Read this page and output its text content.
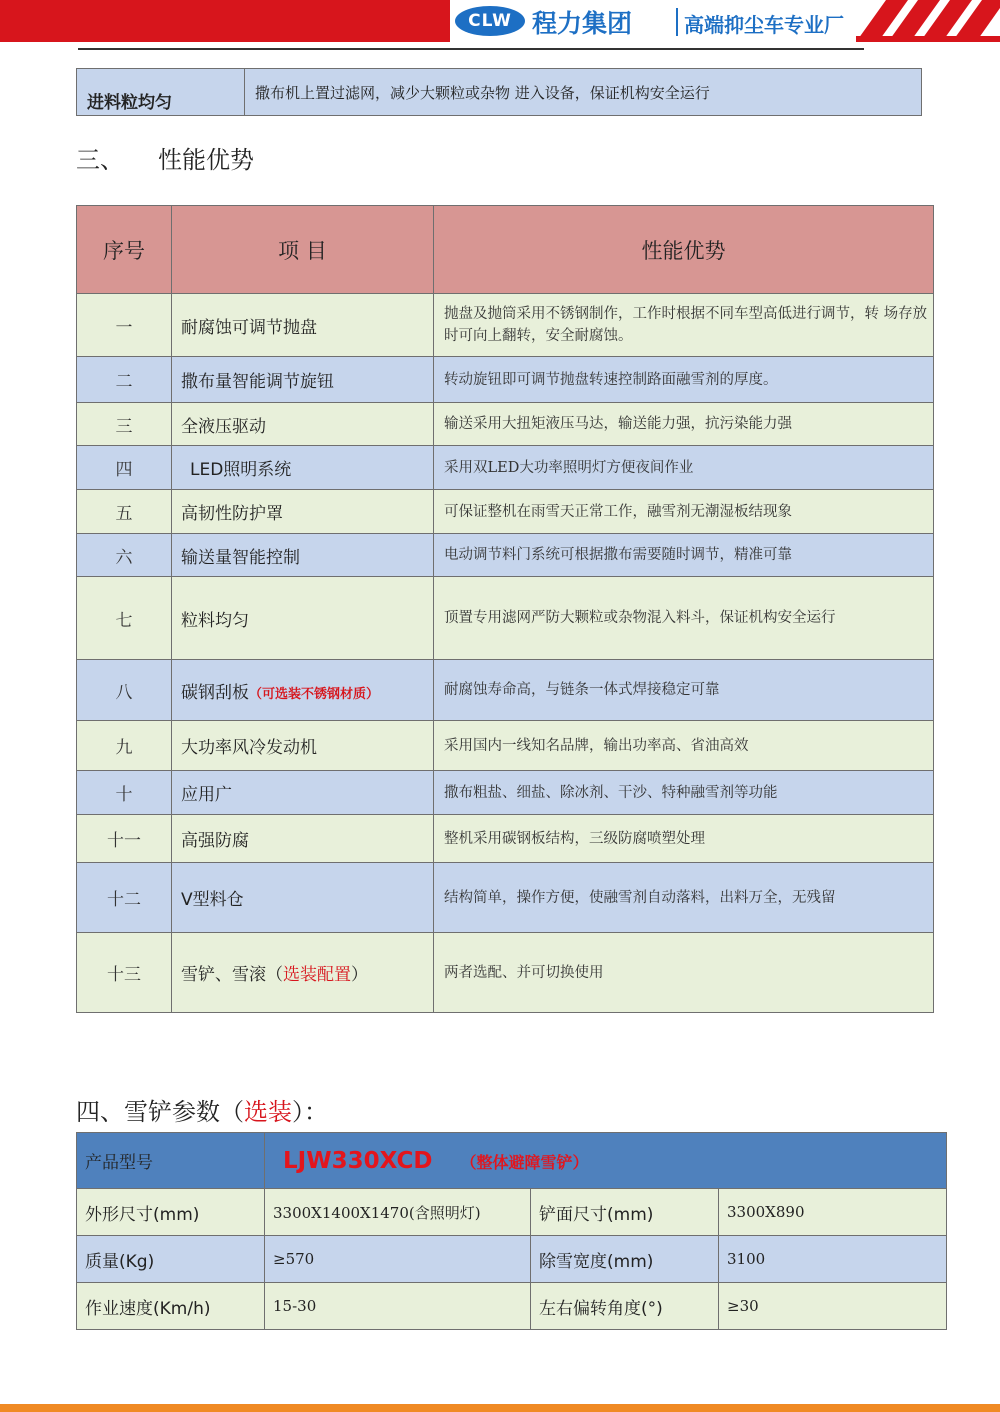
CLW 程力集团	高端抑尘车专业厂
进料粒均匀	撒布机上置过滤网，减少大颗粒或杂物 进入设备，保证机构安全运行
三、 性能优势
序号	项 目	性能优势
一	耐腐蚀可调节抛盘	抛盘及抛筒采用不锈钢制作，工作时根据不同车型高低进行调节，转 场存放时可向上翻转，安全耐腐蚀。
二	撒布量智能调节旋钮	转动旋钮即可调节抛盘转速控制路面融雪剂的厚度。
三	全液压驱动	输送采用大扭矩液压马达，输送能力强，抗污染能力强
四	LED照明系统	采用双LED大功率照明灯方便夜间作业
五	高韧性防护罩	可保证整机在雨雪天正常工作，融雪剂无潮湿板结现象
六	输送量智能控制	电动调节料门系统可根据撒布需要随时调节，精准可靠
七	粒料均匀	顶置专用滤网严防大颗粒或杂物混入料斗，保证机构安全运行
八	碳钢刮板（可选装不锈钢材质）	耐腐蚀寿命高，与链条一体式焊接稳定可靠
九	大功率风冷发动机	采用国内一线知名品牌，输出功率高、省油高效
十	应用广	撒布粗盐、细盐、除冰剂、干沙、特种融雪剂等功能
十一	高强防腐	整机采用碳钢板结构，三级防腐喷塑处理
十二	V型料仓	结构简单，操作方便，使融雪剂自动落料，出料万全，无残留
十三	雪铲、雪滚（选装配置）	两者选配、并可切换使用
四、雪铲参数（选装）：
产品型号	LJW330XCD （整体避障雪铲）		
外形尺寸(mm)	3300X1400X1470(含照明灯)	铲面尺寸(mm)	3300X890
质量(Kg)	≥570	除雪宽度(mm)	3100
作业速度(Km/h)	15-30	左右偏转角度(°)	≥30
